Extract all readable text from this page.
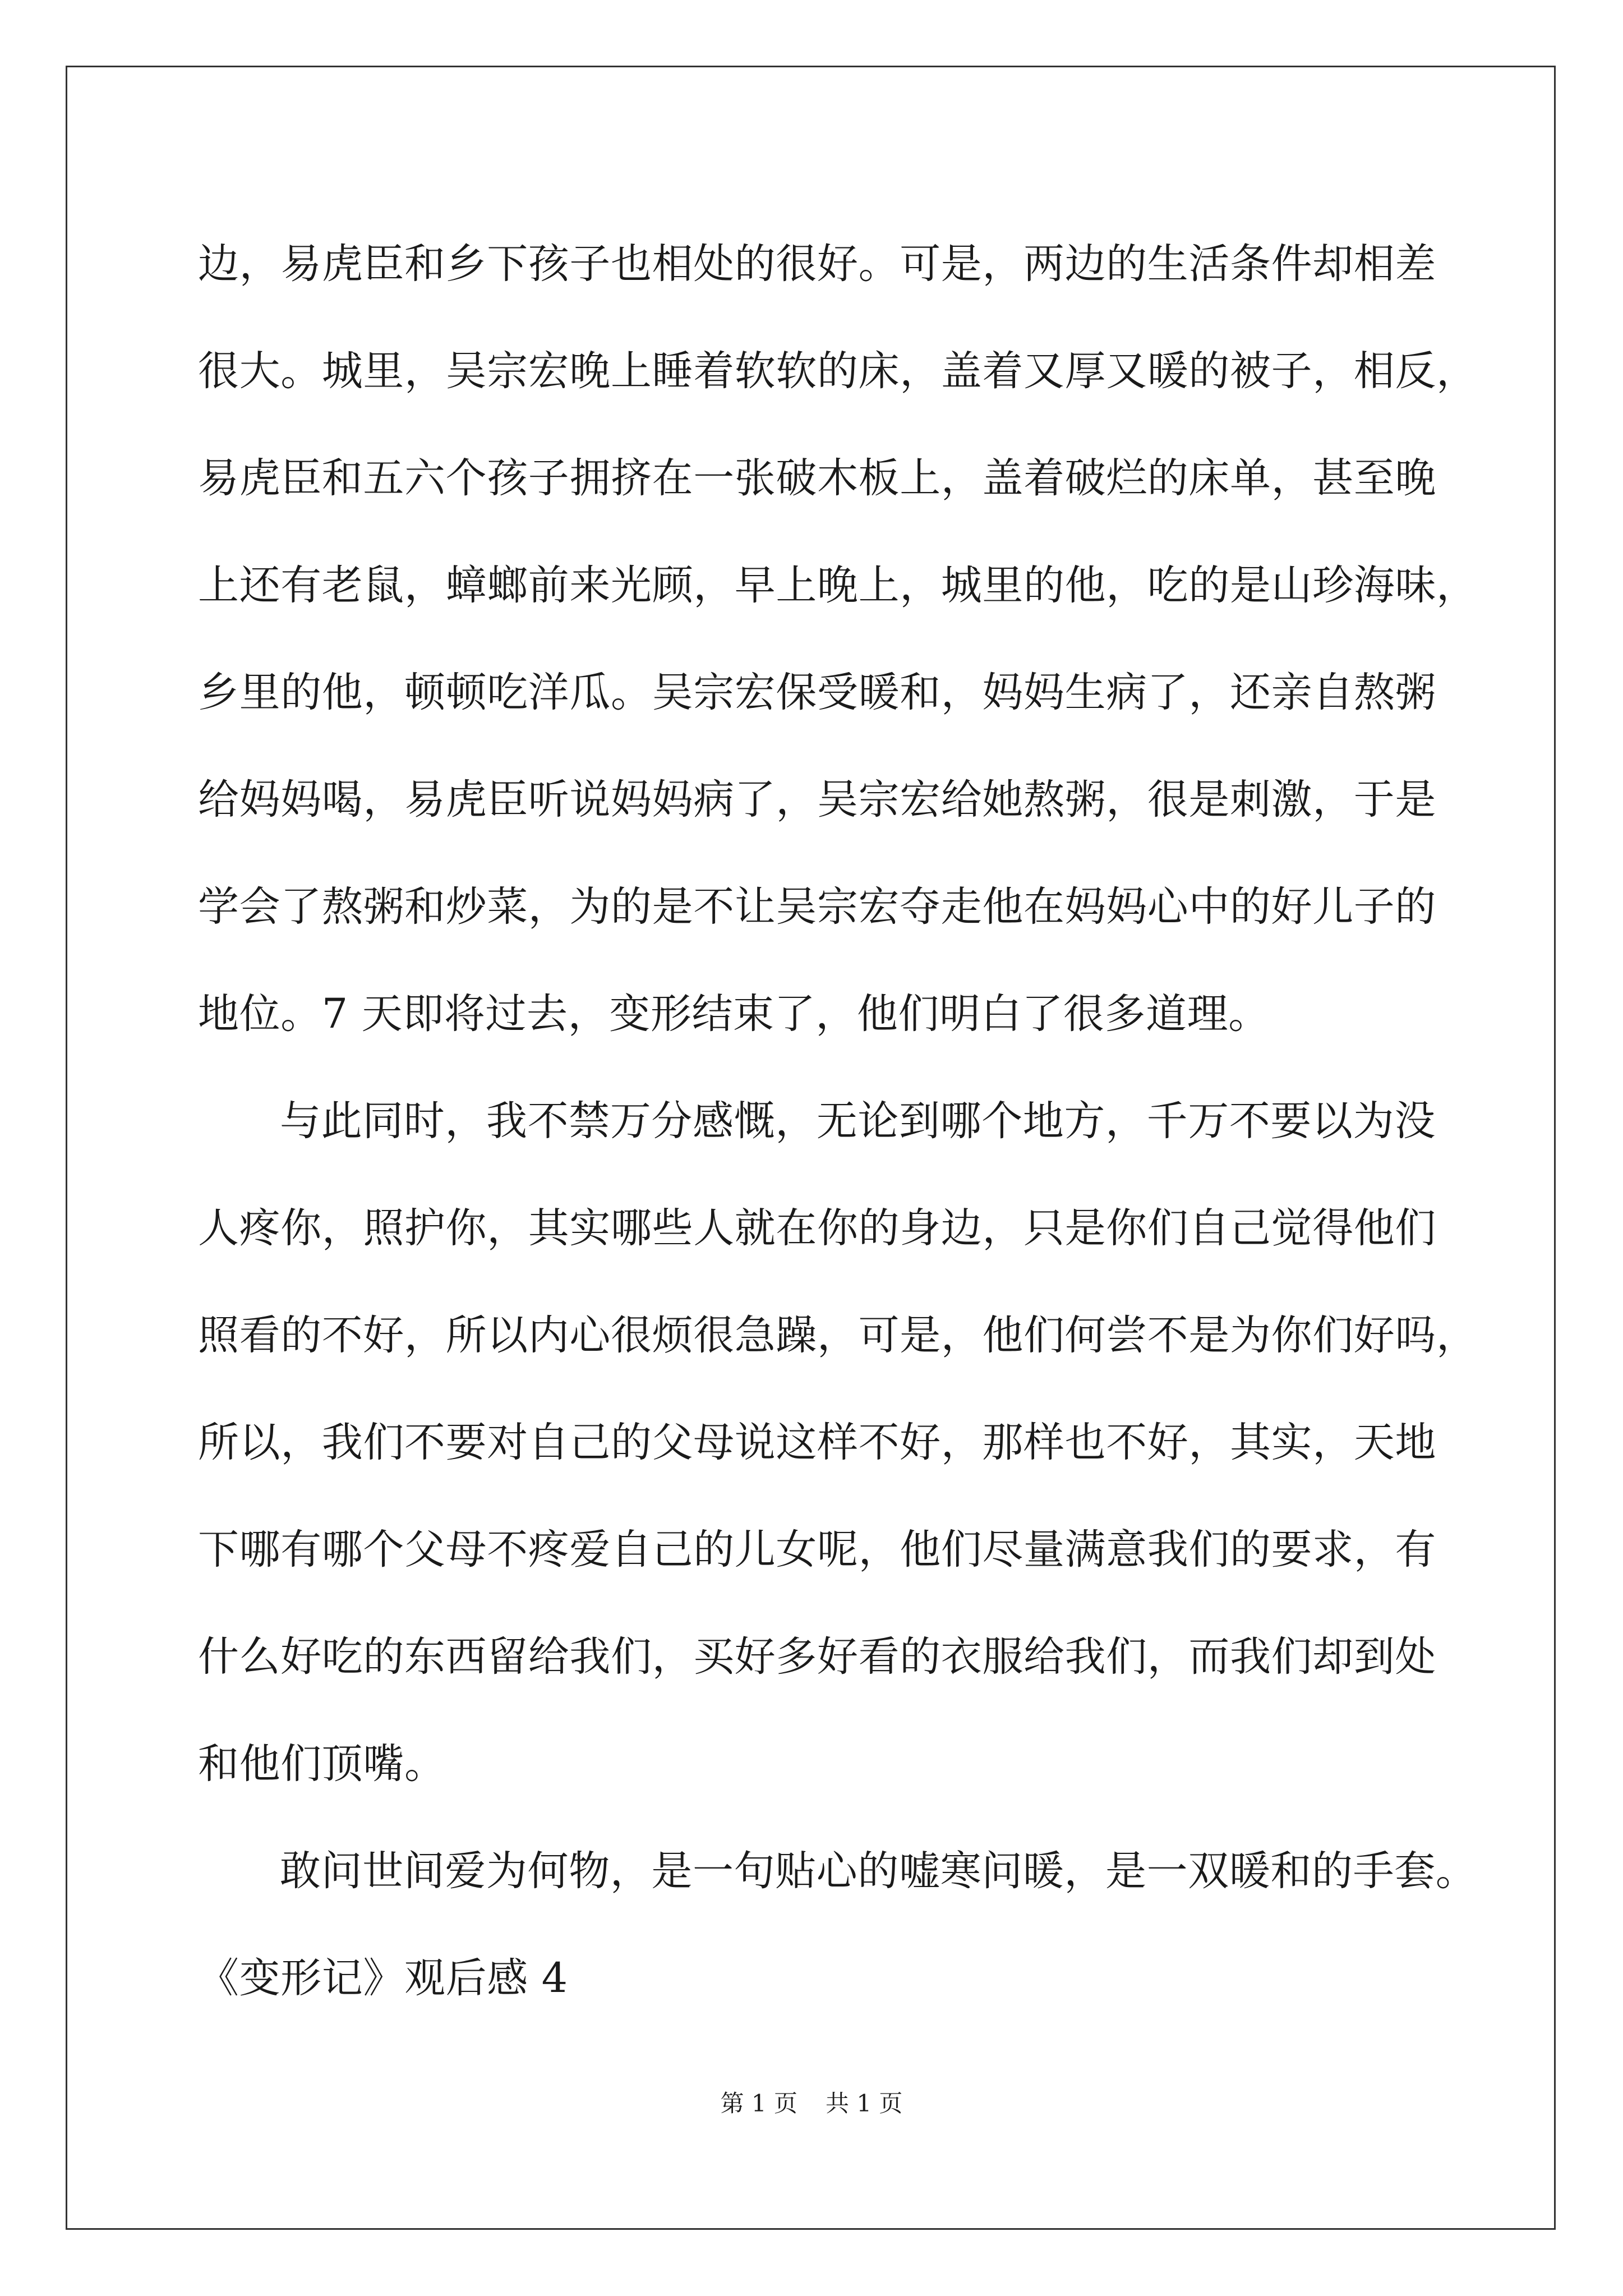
边，易虎臣和乡下孩子也相处的很好。可是，两边的生活条件却相差
很大。城里，吴宗宏晚上睡着软软的床，盖着又厚又暖的被子，相反，
易虎臣和五六个孩子拥挤在一张破木板上，盖着破烂的床单，甚至晚
上还有老鼠，蟑螂前来光顾，早上晚上，城里的他，吃的是山珍海味，
乡里的他，顿顿吃洋瓜。吴宗宏保受暖和，妈妈生病了，还亲自熬粥
给妈妈喝，易虎臣听说妈妈病了，吴宗宏给她熬粥，很是刺激，于是
学会了熬粥和炒菜，为的是不让吴宗宏夺走他在妈妈心中的好儿子的
地位。7 天即将过去，变形结束了，他们明白了很多道理。
与此同时，我不禁万分感慨，无论到哪个地方，千万不要以为没
人疼你，照护你，其实哪些人就在你的身边，只是你们自己觉得他们
照看的不好，所以内心很烦很急躁，可是，他们何尝不是为你们好吗，
所以，我们不要对自己的父母说这样不好，那样也不好，其实，天地
下哪有哪个父母不疼爱自己的儿女呢，他们尽量满意我们的要求，有
什么好吃的东西留给我们，买好多好看的衣服给我们，而我们却到处
和他们顶嘴。
敢问世间爱为何物，是一句贴心的嘘寒问暖，是一双暖和的手套。
《变形记》观后感 4
第 1 页 共 1 页
